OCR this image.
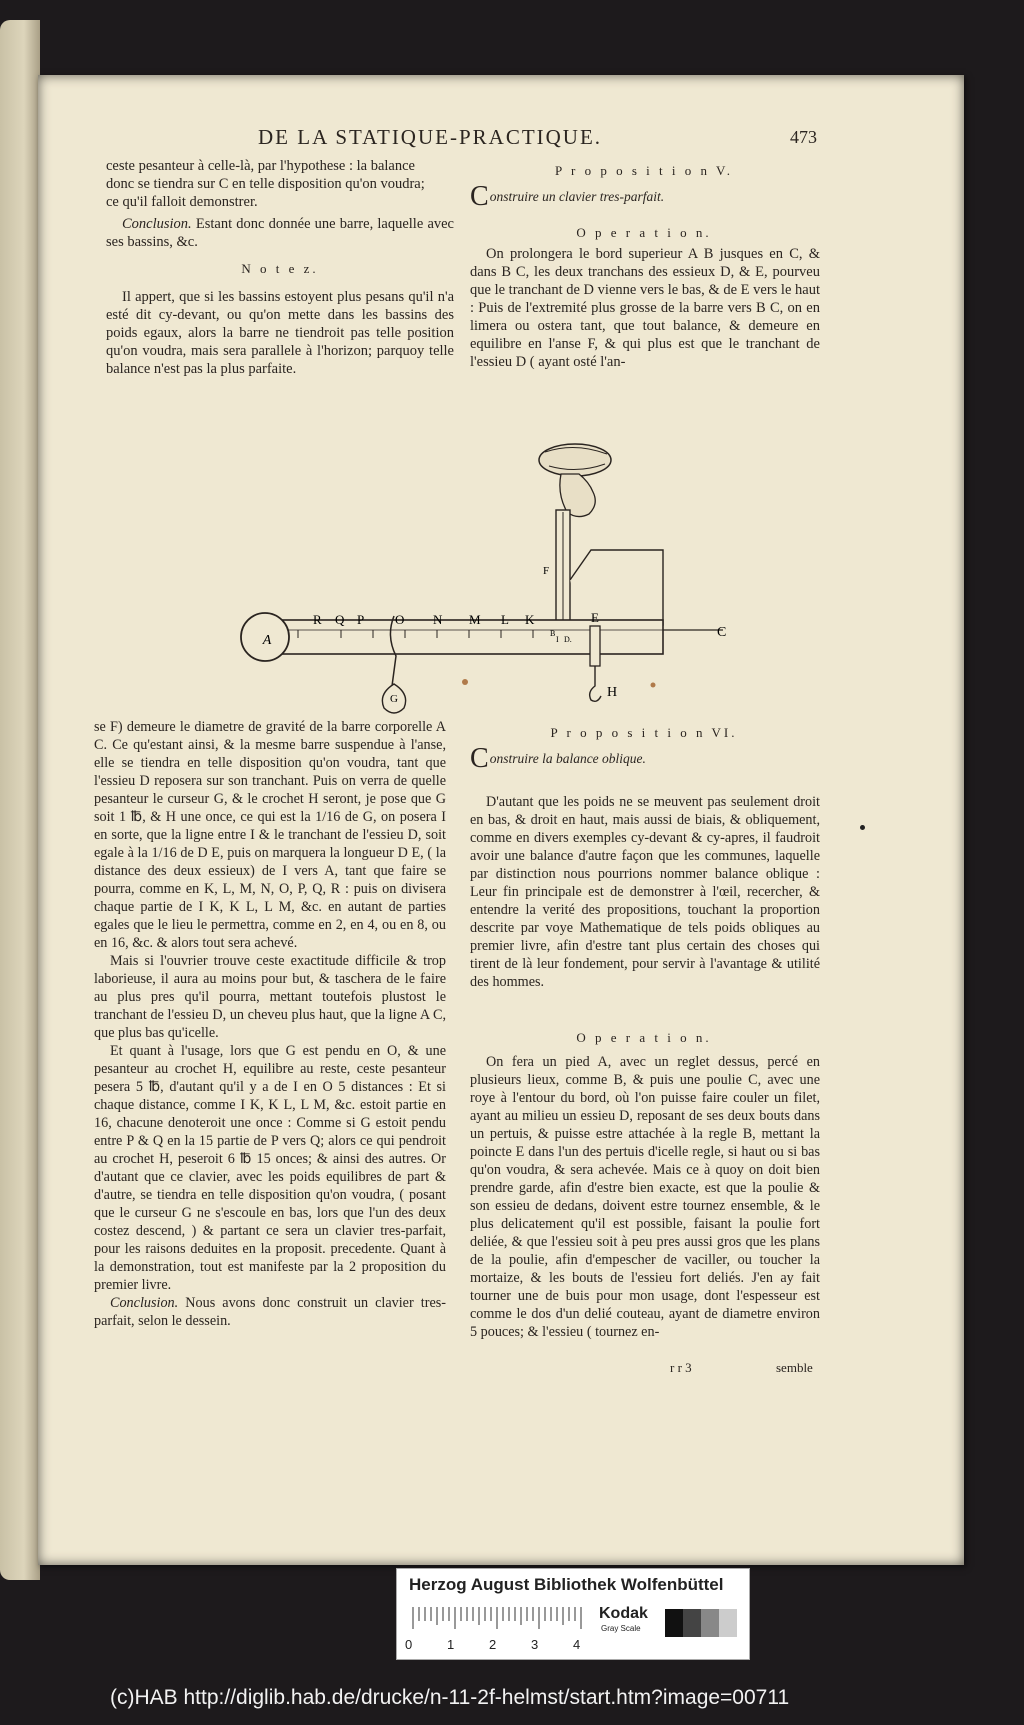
DE LA STATIQUE-PRACTIQUE.	473

ceste pesanteur à celle-là, par l'hypothese : la balance

donc se tiendra sur C en telle disposition qu'on voudra;

ce qu'il falloit demonstrer.

Conclusion. Estant donc donnée une barre, laquelle avec ses bassins, &c.

N o t e z.

Il appert, que si les bassins estoyent plus pesans qu'il n'a esté dit cy-devant, ou qu'on mette dans les bassins des poids egaux, alors la barre ne tiendroit pas telle position qu'on voudra, mais sera parallele à l'horizon; parquoy telle balance n'est pas la plus parfaite.

P r o p o s i t i o n V.
Construire un clavier tres-parfait.
O p e r a t i o n.

On prolongera le bord superieur A B jusques en C, & dans B C, les deux tranchans des essieux D, & E, pourveu que le tranchant de D vienne vers le bas, & de E vers le haut : Puis de l'extremité plus grosse de la barre vers B C, on en limera ou ostera tant, que tout balance, & demeure en equilibre en l'anse F, & qui plus est que le tranchant de l'essieu D ( ayant osté l'an-

A
R Q P O N M L K
B
I D.
E
C
F
G	H

se F) demeure le diametre de gravité de la barre corporelle A C. Ce qu'estant ainsi, & la mesme barre suspendue à l'anse, elle se tiendra en telle disposition qu'on voudra, tant que l'essieu D reposera sur son tranchant. Puis on verra de quelle pesanteur le curseur G, & le crochet H seront, je pose que G soit 1 ℔, & H une once, ce qui est la 1/16 de G, on posera I en sorte, que la ligne entre I & le tranchant de l'essieu D, soit egale à la 1/16 de D E, puis on marquera la longueur D E, ( la distance des deux essieux) de I vers A, tant que faire se pourra, comme en K, L, M, N, O, P, Q, R : puis on divisera chaque partie de I K, K L, L M, &c. en autant de parties egales que le lieu le permettra, comme en 2, en 4, ou en 8, ou en 16, &c. & alors tout sera achevé.

Mais si l'ouvrier trouve ceste exactitude difficile & trop laborieuse, il aura au moins pour but, & taschera de le faire au plus pres qu'il pourra, mettant toutefois plustost le tranchant de l'essieu D, un cheveu plus haut, que la ligne A C, que plus bas qu'icelle.

Et quant à l'usage, lors que G est pendu en O, & une pesanteur au crochet H, equilibre au reste, ceste pesanteur pesera 5 ℔, d'autant qu'il y a de I en O 5 distances : Et si chaque distance, comme I K, K L, L M, &c. estoit partie en 16, chacune denoteroit une once : Comme si G estoit pendu entre P & Q en la 15 partie de P vers Q; alors ce qui pendroit au crochet H, peseroit 6 ℔ 15 onces; & ainsi des autres. Or d'autant que ce clavier, avec les poids equilibres de part & d'autre, se tiendra en telle disposition qu'on voudra, ( posant que le curseur G ne s'escoule en bas, lors que l'un des deux costez descend, ) & partant ce sera un clavier tres-parfait, pour les raisons deduites en la proposit. precedente. Quant à la demonstration, tout est manifeste par la 2 proposition du premier livre.

Conclusion. Nous avons donc construit un clavier tres-parfait, selon le dessein.

P r o p o s i t i o n VI.
Construire la balance oblique.

D'autant que les poids ne se meuvent pas seulement droit en bas, & droit en haut, mais aussi de biais, & obliquement, comme en divers exemples cy-devant & cy-apres, il faudroit avoir une balance d'autre façon que les communes, laquelle par distinction nous pourrions nommer balance oblique : Leur fin principale est de demonstrer à l'œil, recercher, & entendre la verité des propositions, touchant la proportion descrite par voye Mathematique de tels poids obliques au premier livre, afin d'estre tant plus certain des choses qui tirent de là leur fondement, pour servir à l'avantage & utilité des hommes.

O p e r a t i o n.

On fera un pied A, avec un reglet dessus, percé en plusieurs lieux, comme B, & puis une poulie C, avec une roye à l'entour du bord, où l'on puisse faire couler un filet, ayant au milieu un essieu D, reposant de ses deux bouts dans un pertuis, & puisse estre attachée à la regle B, mettant la poincte E dans l'un des pertuis d'icelle regle, si haut ou si bas qu'on voudra, & sera achevée. Mais ce à quoy on doit bien prendre garde, afin d'estre bien exacte, est que la poulie & son essieu de dedans, doivent estre tournez ensemble, & le plus delicatement qu'il est possible, faisant la poulie fort deliée, & que l'essieu soit à peu pres aussi gros que les plans de la poulie, afin d'empescher de vaciller, ou toucher la mortaize, & les bouts de l'essieu fort deliés. J'en ay fait tourner une de buis pour mon usage, dont l'espesseur est comme le dos d'un delié couteau, ayant de diametre environ 5 pouces; & l'essieu ( tournez en-

r r 3	semble
Herzog August Bibliothek Wolfenbüttel
0	1	2	3	4
Kodak
Gray Scale
(c)HAB http://diglib.hab.de/drucke/n-11-2f-helmst/start.htm?image=00711
